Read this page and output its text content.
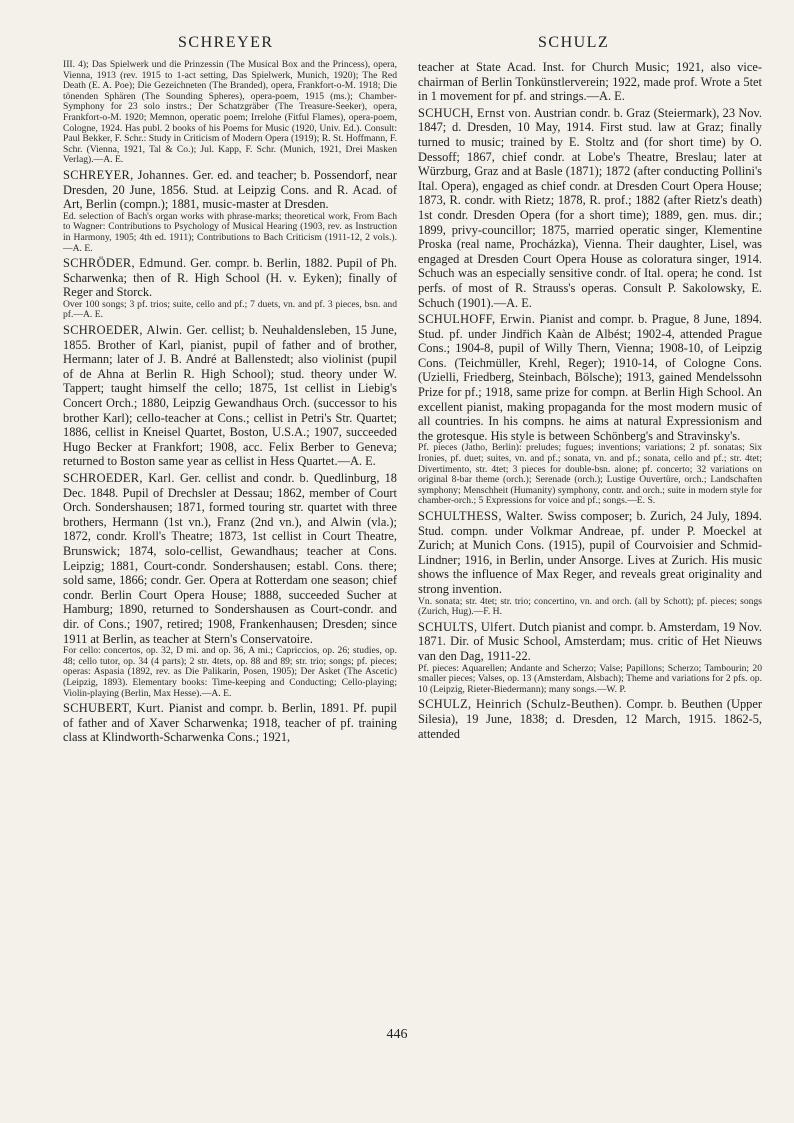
SCHREYER	SCHULZ

III. 4); Das Spielwerk und die Prinzessin (The Musical Box and the Princess), opera, Vienna, 1913 (rev. 1915 to 1-act setting, Das Spielwerk, Munich, 1920); The Red Death (E. A. Poe); Die Gezeichneten (The Branded), opera, Frankfort-o-M. 1918; Die tönenden Sphären (The Sounding Spheres), opera-poem, 1915 (ms.); Chamber-Symphony for 23 solo instrs.; Der Schatzgräber (The Treasure-Seeker), opera, Frankfort-o-M. 1920; Memnon, operatic poem; Irrelohe (Fitful Flames), opera-poem, Cologne, 1924. Has publ. 2 books of his Poems for Music (1920, Univ. Ed.). Consult: Paul Bekker, F. Schr.: Study in Criticism of Modern Opera (1919); R. St. Hoffmann, F. Schr. (Vienna, 1921, Tal & Co.); Jul. Kapp, F. Schr. (Munich, 1921, Drei Masken Verlag).—A. E.

SCHREYER, Johannes. Ger. ed. and teacher; b. Possendorf, near Dresden, 20 June, 1856. Stud. at Leipzig Cons. and R. Acad. of Art, Berlin (compn.); 1881, music-master at Dresden.

Ed. selection of Bach's organ works with phrase-marks; theoretical work, From Bach to Wagner: Contributions to Psychology of Musical Hearing (1903, rev. as Instruction in Harmony, 1905; 4th ed. 1911); Contributions to Bach Criticism (1911-12, 2 vols.).—A. E.

SCHRÖDER, Edmund. Ger. compr. b. Berlin, 1882. Pupil of Ph. Scharwenka; then of R. High School (H. v. Eyken); finally of Reger and Storck.

Over 100 songs; 3 pf. trios; suite, cello and pf.; 7 duets, vn. and pf. 3 pieces, bsn. and pf.—A. E.

SCHROEDER, Alwin. Ger. cellist; b. Neuhaldensleben, 15 June, 1855. Brother of Karl, pianist, pupil of father and of brother, Hermann; later of J. B. André at Ballenstedt; also violinist (pupil of de Ahna at Berlin R. High School); stud. theory under W. Tappert; taught himself the cello; 1875, 1st cellist in Liebig's Concert Orch.; 1880, Leipzig Gewandhaus Orch. (successor to his brother Karl); cello-teacher at Cons.; cellist in Petri's Str. Quartet; 1886, cellist in Kneisel Quartet, Boston, U.S.A.; 1907, succeeded Hugo Becker at Frankfort; 1908, acc. Felix Berber to Geneva; returned to Boston same year as cellist in Hess Quartet.—A. E.

SCHROEDER, Karl. Ger. cellist and condr. b. Quedlinburg, 18 Dec. 1848. Pupil of Drechsler at Dessau; 1862, member of Court Orch. Sondershausen; 1871, formed touring str. quartet with three brothers, Hermann (1st vn.), Franz (2nd vn.), and Alwin (vla.); 1872, condr. Kroll's Theatre; 1873, 1st cellist in Court Theatre, Brunswick; 1874, solo-cellist, Gewandhaus; teacher at Cons. Leipzig; 1881, Court-condr. Sondershausen; establ. Cons. there; sold same, 1866; condr. Ger. Opera at Rotterdam one season; chief condr. Berlin Court Opera House; 1888, succeeded Sucher at Hamburg; 1890, returned to Sondershausen as Court-condr. and dir. of Cons.; 1907, retired; 1908, Frankenhausen; Dresden; since 1911 at Berlin, as teacher at Stern's Conservatoire.

For cello: concertos, op. 32, D mi. and op. 36, A mi.; Capriccios, op. 26; studies, op. 48; cello tutor, op. 34 (4 parts); 2 str. 4tets, op. 88 and 89; str. trio; songs; pf. pieces; operas: Aspasia (1892, rev. as Die Palikarin, Posen, 1905); Der Asket (The Ascetic) (Leipzig, 1893). Elementary books: Time-keeping and Conducting; Cello-playing; Violin-playing (Berlin, Max Hesse).—A. E.

SCHUBERT, Kurt. Pianist and compr. b. Berlin, 1891. Pf. pupil of father and of Xaver Scharwenka; 1918, teacher of pf. training class at Klindworth-Scharwenka Cons.; 1921,

teacher at State Acad. Inst. for Church Music; 1921, also vice-chairman of Berlin Tonkünstlerverein; 1922, made prof. Wrote a 5tet in 1 movement for pf. and strings.—A. E.

SCHUCH, Ernst von. Austrian condr. b. Graz (Steiermark), 23 Nov. 1847; d. Dresden, 10 May, 1914. First stud. law at Graz; finally turned to music; trained by E. Stoltz and (for short time) by O. Dessoff; 1867, chief condr. at Lobe's Theatre, Breslau; later at Würzburg, Graz and at Basle (1871); 1872 (after conducting Pollini's Ital. Opera), engaged as chief condr. at Dresden Court Opera House; 1873, R. condr. with Rietz; 1878, R. prof.; 1882 (after Rietz's death) 1st condr. Dresden Opera (for a short time); 1889, gen. mus. dir.; 1899, privy-councillor; 1875, married operatic singer, Klementine Proska (real name, Procházka), Vienna. Their daughter, Lisel, was engaged at Dresden Court Opera House as coloratura singer, 1914. Schuch was an especially sensitive condr. of Ital. opera; he cond. 1st perfs. of most of R. Strauss's operas. Consult P. Sakolowsky, E. Schuch (1901).—A. E.

SCHULHOFF, Erwin. Pianist and compr. b. Prague, 8 June, 1894. Stud. pf. under Jindřich Kaàn de Albést; 1902-4, attended Prague Cons.; 1904-8, pupil of Willy Thern, Vienna; 1908-10, of Leipzig Cons. (Teichmüller, Krehl, Reger); 1910-14, of Cologne Cons. (Uzielli, Friedberg, Steinbach, Bölsche); 1913, gained Mendelssohn Prize for pf.; 1918, same prize for compn. at Berlin High School. An excellent pianist, making propaganda for the most modern music of all countries. In his compns. he aims at natural Expressionism and the grotesque. His style is between Schönberg's and Stravinsky's.

Pf. pieces (Jatho, Berlin): preludes; fugues; inventions; variations; 2 pf. sonatas; Six Ironies, pf. duet; suites, vn. and pf.; sonata, vn. and pf.; sonata, cello and pf.; str. 4tet; Divertimento, str. 4tet; 3 pieces for double-bsn. alone; pf. concerto; 32 variations on original 8-bar theme (orch.); Serenade (orch.); Lustige Ouvertüre, orch.; Landschaften symphony; Menschheit (Humanity) symphony, contr. and orch.; suite in modern style for chamber-orch.; 5 Expressions for voice and pf.; songs.—E. S.

SCHULTHESS, Walter. Swiss composer; b. Zurich, 24 July, 1894. Stud. compn. under Volkmar Andreae, pf. under P. Moeckel at Zurich; at Munich Cons. (1915), pupil of Courvoisier and Schmid-Lindner; 1916, in Berlin, under Ansorge. Lives at Zurich. His music shows the influence of Max Reger, and reveals great originality and strong invention.

Vn. sonata; str. 4tet; str. trio; concertino, vn. and orch. (all by Schott); pf. pieces; songs (Zurich, Hug).—F. H.

SCHULTS, Ulfert. Dutch pianist and compr. b. Amsterdam, 19 Nov. 1871. Dir. of Music School, Amsterdam; mus. critic of Het Nieuws van den Dag, 1911-22.

Pf. pieces: Aquarellen; Andante and Scherzo; Valse; Papillons; Scherzo; Tambourin; 20 smaller pieces; Valses, op. 13 (Amsterdam, Alsbach); Theme and variations for 2 pfs. op. 10 (Leipzig, Rieter-Biedermann); many songs.—W. P.

SCHULZ, Heinrich (Schulz-Beuthen). Compr. b. Beuthen (Upper Silesia), 19 June, 1838; d. Dresden, 12 March, 1915. 1862-5, attended

446
